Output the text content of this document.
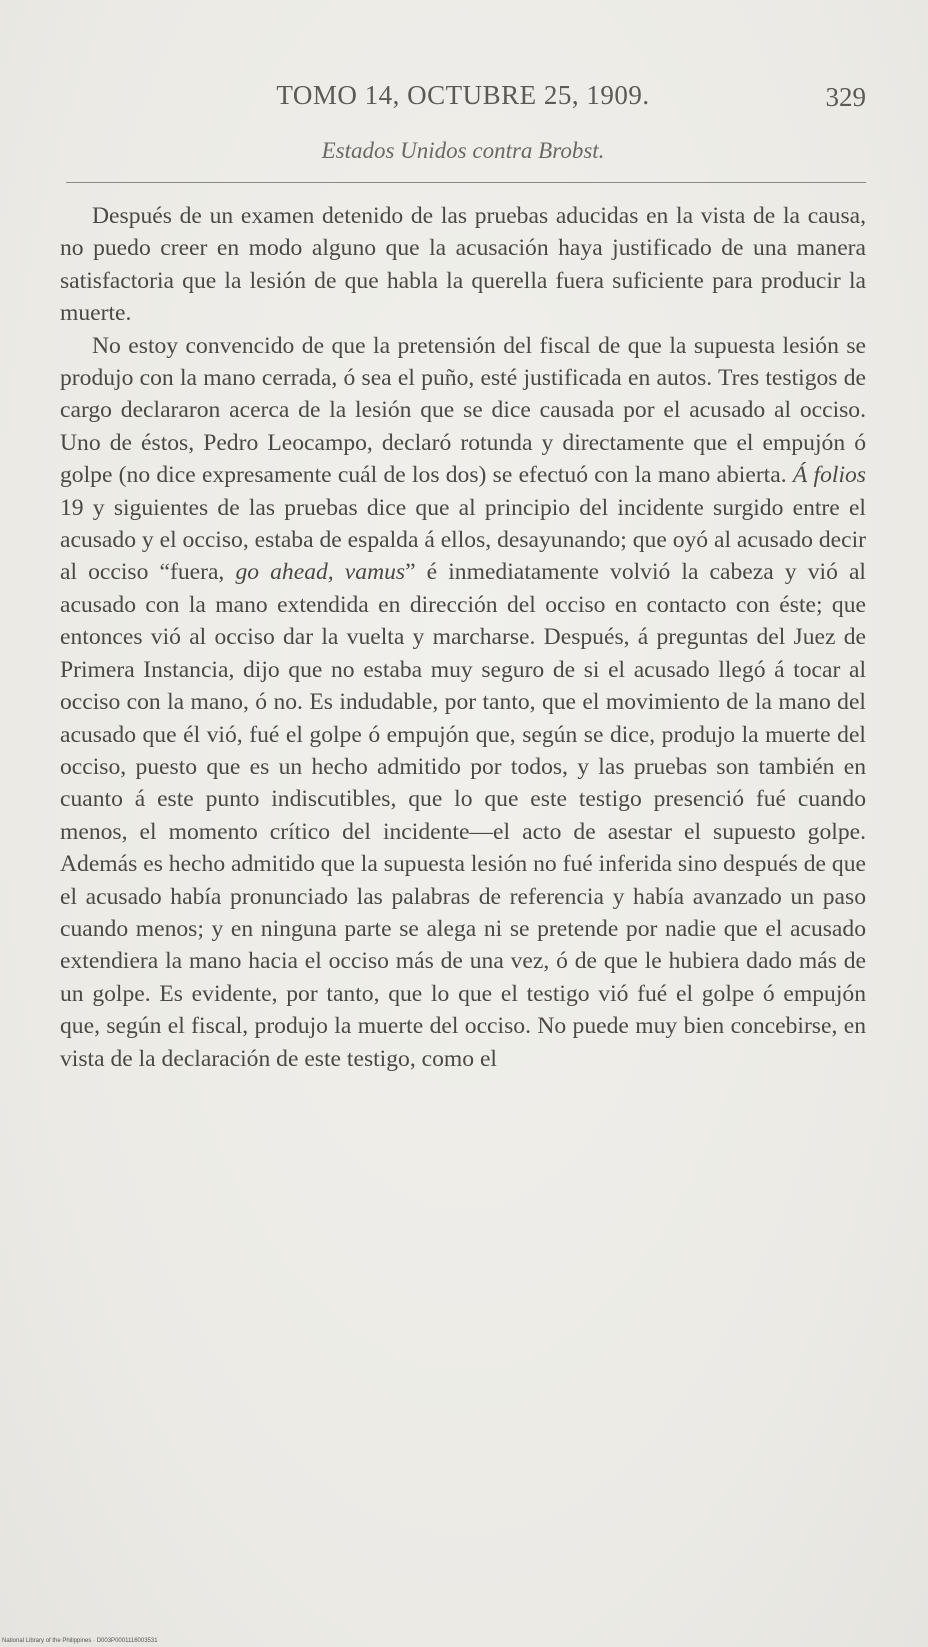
TOMO 14, OCTUBRE 25, 1909.	329
Estados Unidos contra Brobst.

Después de un examen detenido de las pruebas aducidas en la vista de la causa, no puedo creer en modo alguno que la acusación haya justificado de una manera satisfactoria que la lesión de que habla la querella fuera suficiente para producir la muerte.

No estoy convencido de que la pretensión del fiscal de que la supuesta lesión se produjo con la mano cerrada, ó sea el puño, esté justificada en autos. Tres testigos de cargo declararon acerca de la lesión que se dice causada por el acusado al occiso. Uno de éstos, Pedro Leocampo, declaró rotunda y directamente que el empujón ó golpe (no dice expresamente cuál de los dos) se efectuó con la mano abierta. Á folios 19 y siguientes de las pruebas dice que al principio del incidente surgido entre el acusado y el occiso, estaba de espalda á ellos, desayunando; que oyó al acusado decir al occiso “fuera, go ahead, vamus” é inmediatamente volvió la cabeza y vió al acusado con la mano extendida en dirección del occiso en contacto con éste; que entonces vió al occiso dar la vuelta y marcharse. Después, á preguntas del Juez de Primera Instancia, dijo que no estaba muy seguro de si el acusado llegó á tocar al occiso con la mano, ó no. Es indudable, por tanto, que el movimiento de la mano del acusado que él vió, fué el golpe ó empujón que, según se dice, produjo la muerte del occiso, puesto que es un hecho admitido por todos, y las pruebas son también en cuanto á este punto indiscutibles, que lo que este testigo presenció fué cuando menos, el momento crítico del incidente—el acto de asestar el supuesto golpe. Además es hecho admitido que la supuesta lesión no fué inferida sino después de que el acusado había pronunciado las palabras de referencia y había avanzado un paso cuando menos; y en ninguna parte se alega ni se pretende por nadie que el acusado extendiera la mano hacia el occiso más de una vez, ó de que le hubiera dado más de un golpe. Es evidente, por tanto, que lo que el testigo vió fué el golpe ó empujón que, según el fiscal, produjo la muerte del occiso. No puede muy bien concebirse, en vista de la declaración de este testigo, como el

National Library of the Philippines · D003P0001116003531
